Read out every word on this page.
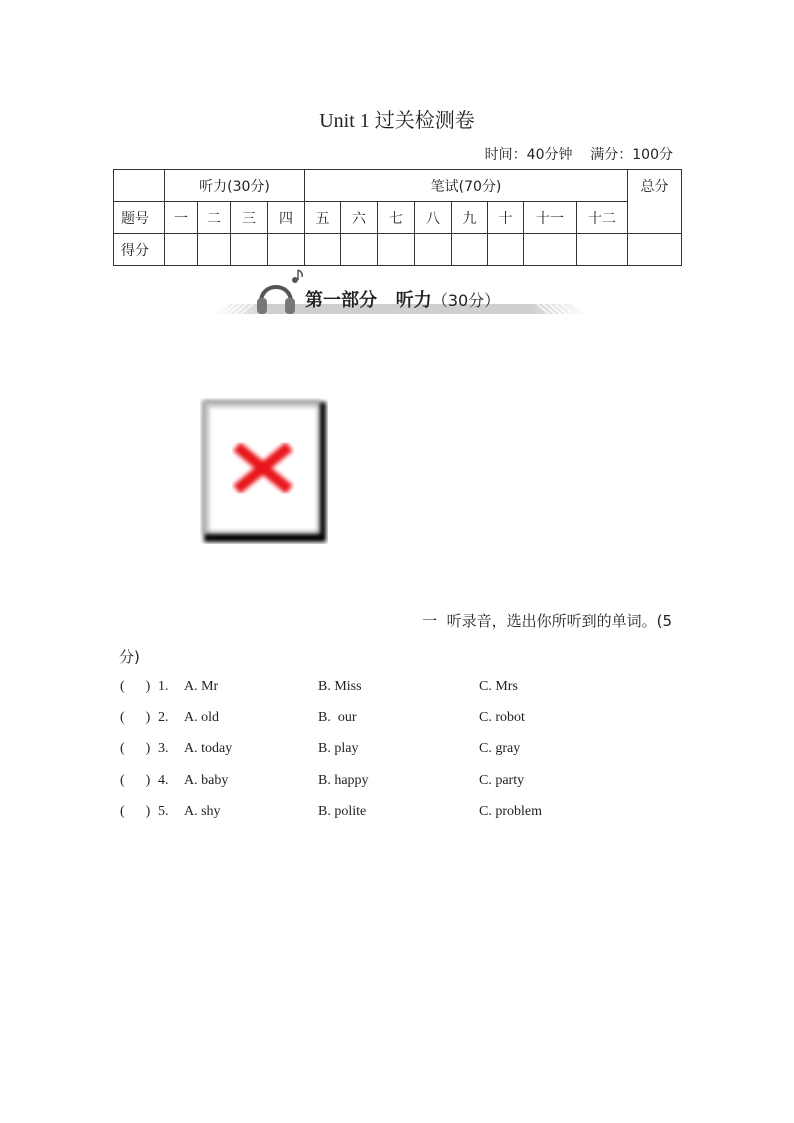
Unit 1 过关检测卷
时间：40分钟    满分：100分
	听力(30分)				笔试(70分)								总分
题号	一	二	三	四	五	六	七	八	九	十	十一	十二	
得分													
第一部分   听力（30分）
一  听录音，选出你所听到的单词。(5
分)
(      ) 1. A. Mr	B. Miss	C. Mrs
(      ) 2. A. old	B.  our	C. robot
(      ) 3. A. today	B. play	C. gray
(      ) 4. A. baby	B. happy	C. party
(      ) 5. A. shy	B. polite	C. problem
